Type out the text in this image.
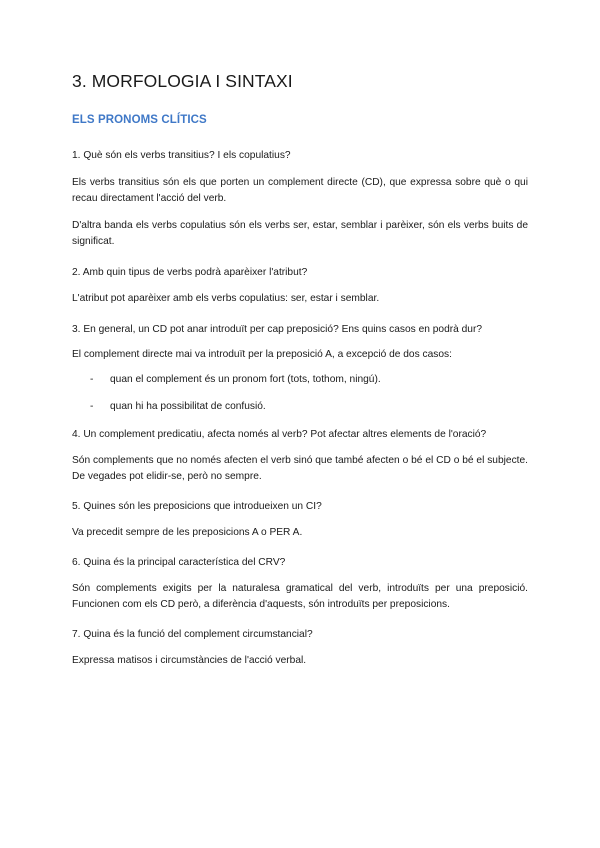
3. MORFOLOGIA I SINTAXI
ELS PRONOMS CLÍTICS

1. Què són els verbs transitius? I els copulatius?

Els verbs transitius són els que porten un complement directe (CD), que expressa sobre què o qui recau directament l'acció del verb.

D'altra banda els verbs copulatius són els verbs ser, estar, semblar i parèixer, són els verbs buits de significat.

2. Amb quin tipus de verbs podrà aparèixer l'atribut?

L'atribut pot aparèixer amb els verbs copulatius: ser, estar i semblar.

3. En general, un CD pot anar introduït per cap preposició? Ens quins casos en podrà dur?

El complement directe mai va introduït per la preposició A, a excepció de dos casos:

- quan el complement és un pronom fort (tots, tothom, ningú).
- quan hi ha possibilitat de confusió.

4. Un complement predicatiu, afecta només al verb? Pot afectar altres elements de l'oració?

Són complements que no només afecten el verb sinó que també afecten o bé el CD o bé el subjecte. De vegades pot elidir-se, però no sempre.

5. Quines són les preposicions que introdueixen un CI?

Va precedit sempre de les preposicions A o PER A.

6. Quina és la principal característica del CRV?

Són complements exigits per la naturalesa gramatical del verb, introduïts per una preposició. Funcionen com els CD però, a diferència d'aquests, són introduïts per preposicions.

7. Quina és la funció del complement circumstancial?

Expressa matisos i circumstàncies de l'acció verbal.
